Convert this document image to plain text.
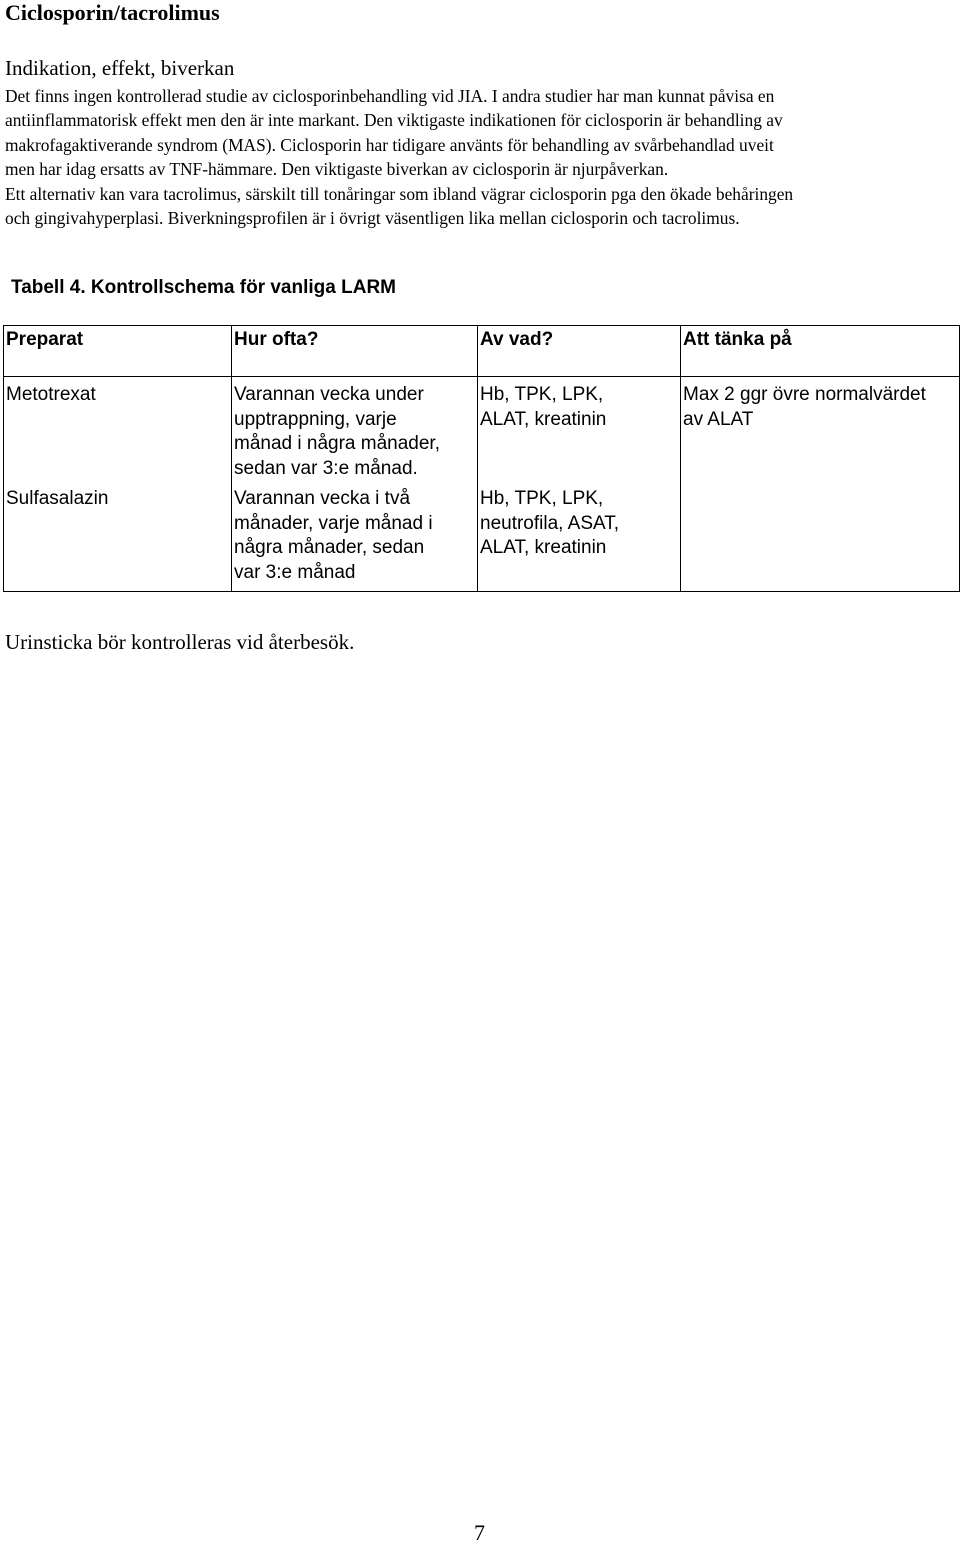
Ciclosporin/tacrolimus
Indikation, effekt, biverkan

Det finns ingen kontrollerad studie av ciclosporinbehandling vid JIA. I andra studier har man kunnat påvisa en
antiinflammatorisk effekt men den är inte markant. Den viktigaste indikationen för ciclosporin är behandling av
makrofagaktiverande syndrom (MAS). Ciclosporin har tidigare använts för behandling av svårbehandlad uveit
men har idag ersatts av TNF-hämmare. Den viktigaste biverkan av ciclosporin är njurpåverkan.
Ett alternativ kan vara tacrolimus, särskilt till tonåringar som ibland vägrar ciclosporin pga den ökade behåringen
och gingivahyperplasi. Biverkningsprofilen är i övrigt väsentligen lika mellan ciclosporin och tacrolimus.

Tabell 4. Kontrollschema för vanliga LARM
Preparat	Hur ofta?	Av vad?	Att tänka på

Metotrexat	Varannan vecka under
upptrappning, varje
månad i några månader,
sedan var 3:e månad.	Hb, TPK, LPK,
ALAT, kreatinin	Max 2 ggr övre normalvärdet
av ALAT

Sulfasalazin	Varannan vecka i två
månader, varje månad i
några månader, sedan
var 3:e månad	Hb, TPK, LPK,
neutrofila, ASAT,
ALAT, kreatinin	
Urinsticka bör kontrolleras vid återbesök.
7
